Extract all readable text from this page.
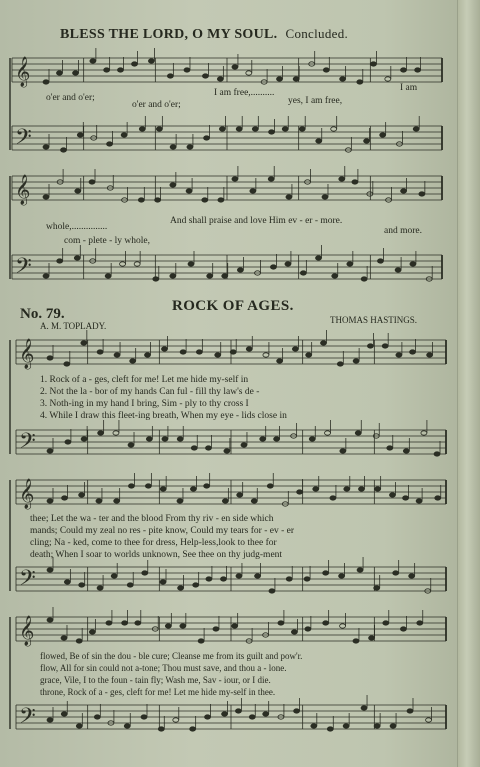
𝄞
𝄢
𝄞
𝄢
𝄞
𝄢
𝄞
𝄢
𝄞
𝄢
BLESS THE LORD, O MY SOUL. Concluded.
o'er and o'er;
o'er and o'er;
I am free,..........
yes, I am free,
I am
whole,...............
com - plete - ly whole,
And shall praise and love Him ev - er - more.
and more.
No. 79.	ROCK OF AGES.
A. M. TOPLADY.
THOMAS HASTINGS.
1. Rock of a - ges, cleft for me! Let me hide my-self in
2. Not the la - bor of my hands Can ful - fill thy law's de -
3. Noth-ing in my hand I bring, Sim - ply to thy cross I
4. While I draw this fleet-ing breath, When my eye - lids close in
thee; Let the wa - ter and the blood From thy riv - en side which
mands; Could my zeal no res - pite know, Could my tears for - ev - er
cling; Na - ked, come to thee for dress, Help-less,look to thee for
death; When I soar to worlds unknown, See thee on thy judg-ment
flowed, Be of sin the dou - ble cure; Cleanse me from its guilt and pow'r.
flow, All for sin could not a-tone; Thou must save, and thou a - lone.
grace, Vile, I to the foun - tain fly; Wash me, Sav - iour, or I die.
throne, Rock of a - ges, cleft for me! Let me hide my-self in thee.
